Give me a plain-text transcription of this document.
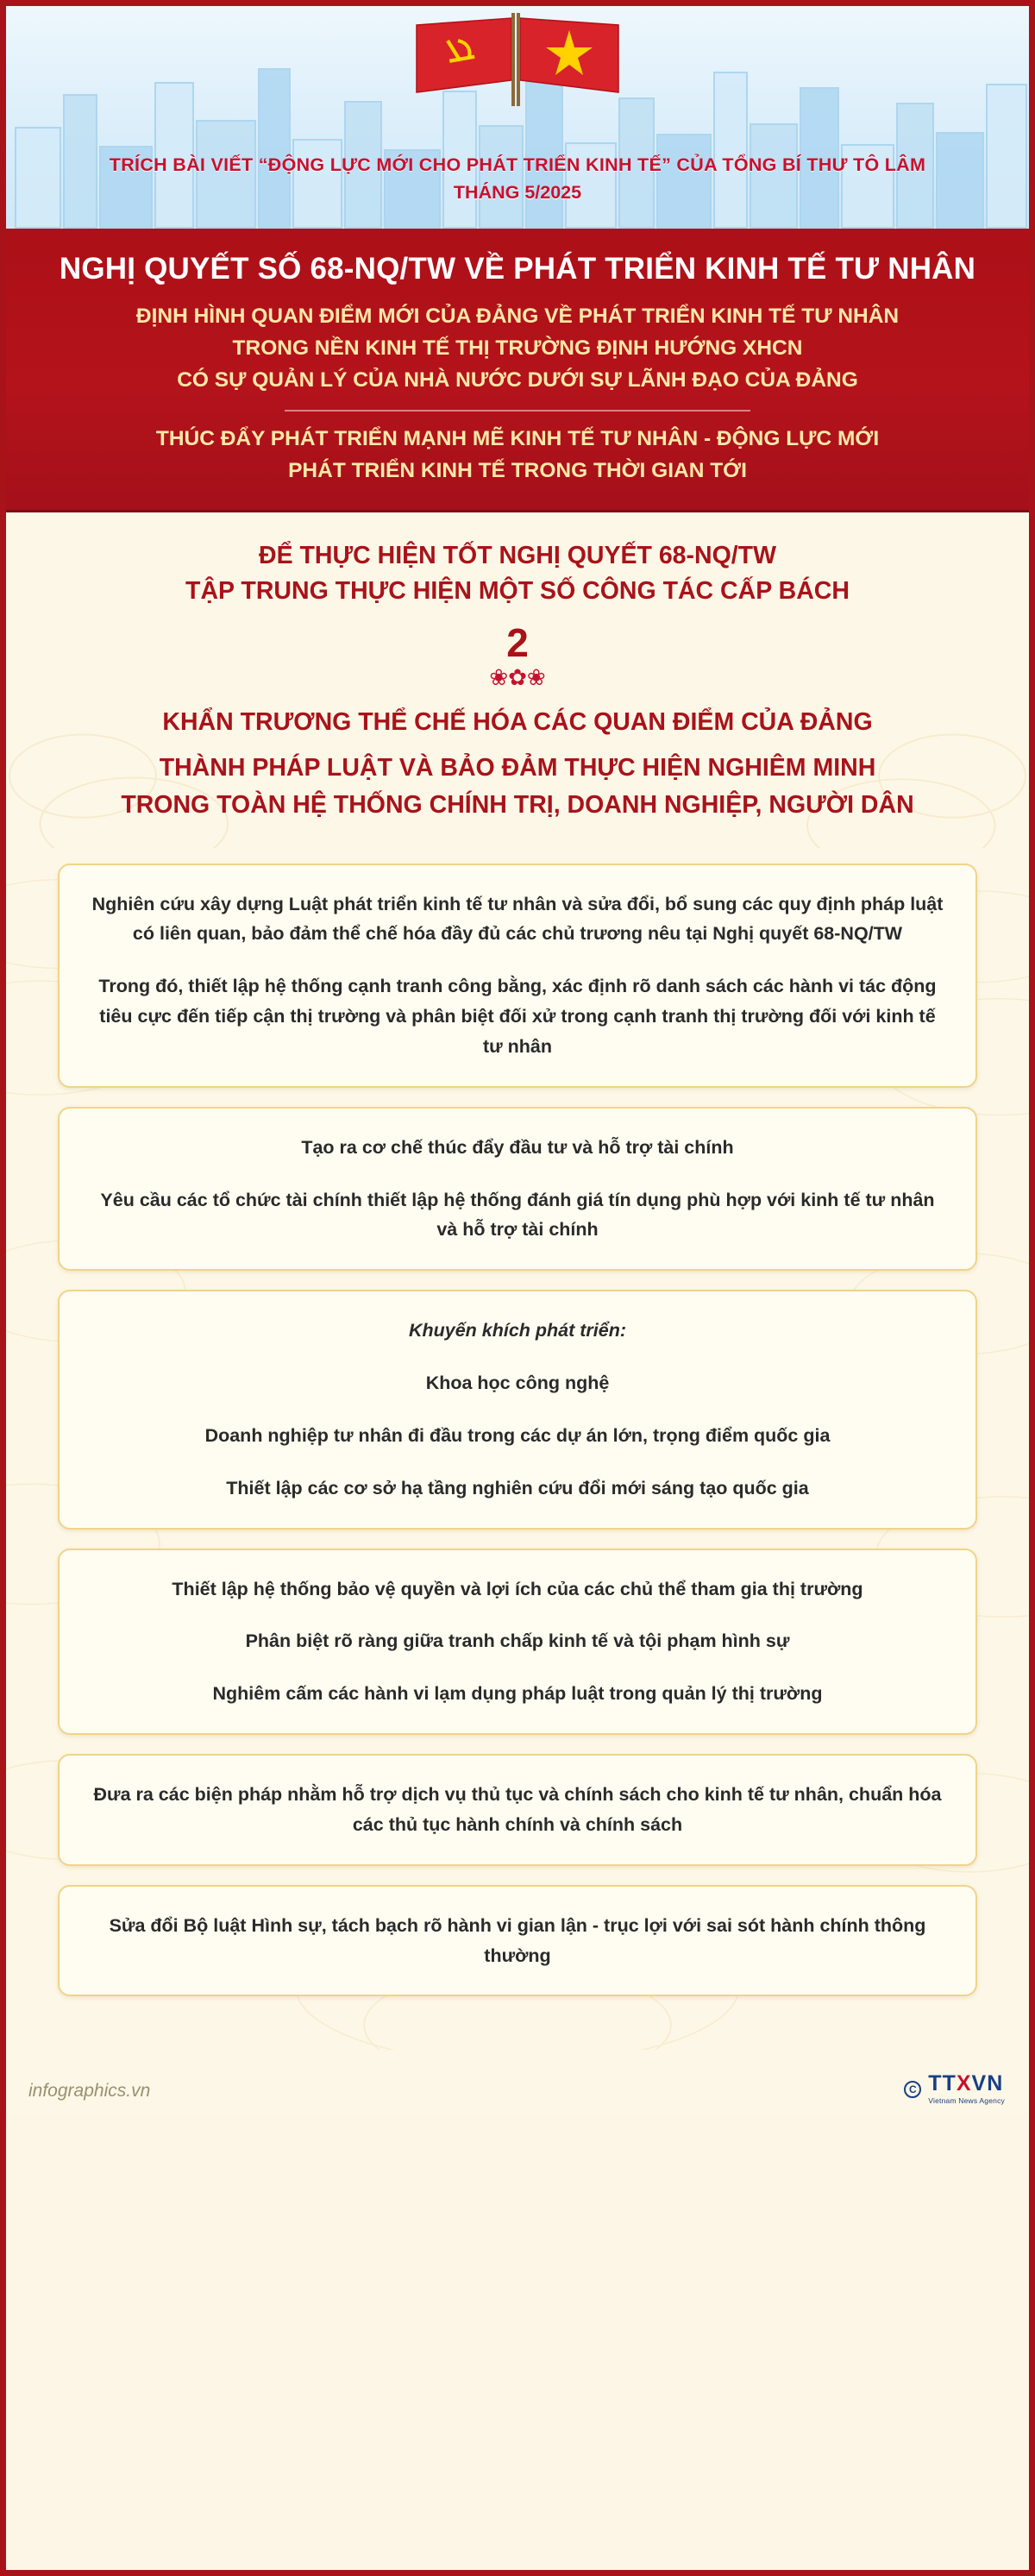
TRÍCH BÀI VIẾT “ĐỘNG LỰC MỚI CHO PHÁT TRIỂN KINH TẾ” CỦA TỔNG BÍ THƯ TÔ LÂM
THÁNG 5/2025
NGHỊ QUYẾT SỐ 68-NQ/TW VỀ PHÁT TRIỂN KINH TẾ TƯ NHÂN
ĐỊNH HÌNH QUAN ĐIỂM MỚI CỦA ĐẢNG VỀ PHÁT TRIỂN KINH TẾ TƯ NHÂN
TRONG NỀN KINH TẾ THỊ TRƯỜNG ĐỊNH HƯỚNG XHCN
CÓ SỰ QUẢN LÝ CỦA NHÀ NƯỚC DƯỚI SỰ LÃNH ĐẠO CỦA ĐẢNG
THÚC ĐẨY PHÁT TRIỂN MẠNH MẼ KINH TẾ TƯ NHÂN - ĐỘNG LỰC MỚI
PHÁT TRIỂN KINH TẾ TRONG THỜI GIAN TỚI
ĐỂ THỰC HIỆN TỐT NGHỊ QUYẾT 68-NQ/TW
TẬP TRUNG THỰC HIỆN MỘT SỐ CÔNG TÁC CẤP BÁCH
2
❀✿❀
KHẨN TRƯƠNG THỂ CHẾ HÓA CÁC QUAN ĐIỂM CỦA ĐẢNG
THÀNH PHÁP LUẬT VÀ BẢO ĐẢM THỰC HIỆN NGHIÊM MINH
TRONG TOÀN HỆ THỐNG CHÍNH TRỊ, DOANH NGHIỆP, NGƯỜI DÂN

Nghiên cứu xây dựng Luật phát triển kinh tế tư nhân và sửa đổi, bổ sung các quy định pháp luật có liên quan, bảo đảm thể chế hóa đầy đủ các chủ trương nêu tại Nghị quyết 68-NQ/TW

Trong đó, thiết lập hệ thống cạnh tranh công bằng, xác định rõ danh sách các hành vi tác động tiêu cực đến tiếp cận thị trường và phân biệt đối xử trong cạnh tranh thị trường đối với kinh tế tư nhân

Tạo ra cơ chế thúc đẩy đầu tư và hỗ trợ tài chính

Yêu cầu các tổ chức tài chính thiết lập hệ thống đánh giá tín dụng phù hợp với kinh tế tư nhân và hỗ trợ tài chính

Khuyến khích phát triển:

Khoa học công nghệ

Doanh nghiệp tư nhân đi đầu trong các dự án lớn, trọng điểm quốc gia

Thiết lập các cơ sở hạ tầng nghiên cứu đổi mới sáng tạo quốc gia

Thiết lập hệ thống bảo vệ quyền và lợi ích của các chủ thể tham gia thị trường

Phân biệt rõ ràng giữa tranh chấp kinh tế và tội phạm hình sự

Nghiêm cấm các hành vi lạm dụng pháp luật trong quản lý thị trường

Đưa ra các biện pháp nhằm hỗ trợ dịch vụ thủ tục và chính sách cho kinh tế tư nhân, chuẩn hóa các thủ tục hành chính và chính sách

Sửa đổi Bộ luật Hình sự, tách bạch rõ hành vi gian lận - trục lợi với sai sót hành chính thông thường

infographics.vn	C TTXVN
Vietnam News Agency
